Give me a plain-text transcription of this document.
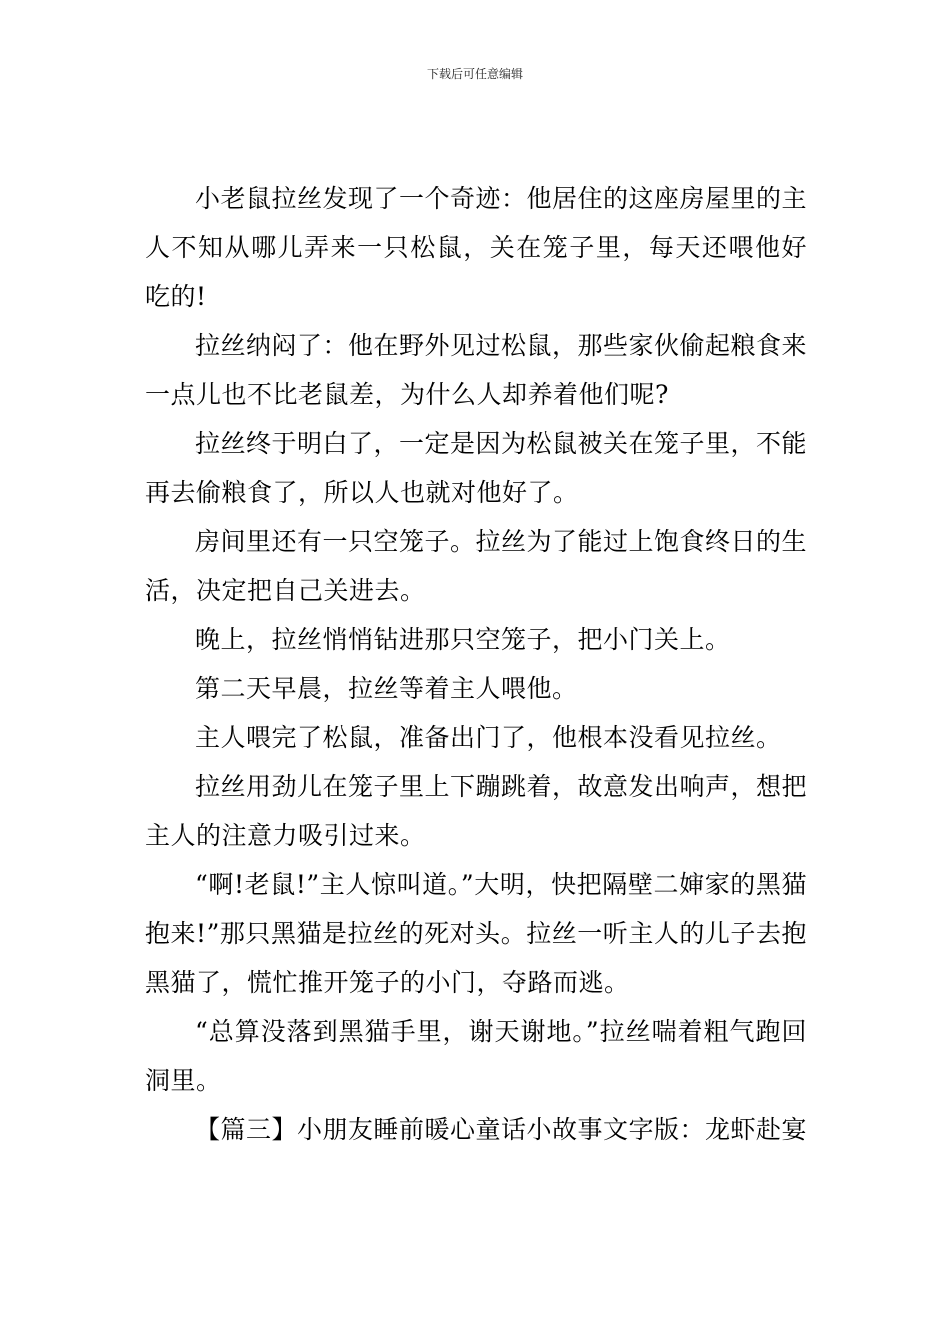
下载后可任意编辑

小老鼠拉丝发现了一个奇迹：他居住的这座房屋里的主人不知从哪儿弄来一只松鼠，关在笼子里，每天还喂他好吃的!

拉丝纳闷了：他在野外见过松鼠，那些家伙偷起粮食来一点儿也不比老鼠差，为什么人却养着他们呢?

拉丝终于明白了，一定是因为松鼠被关在笼子里，不能再去偷粮食了，所以人也就对他好了。

房间里还有一只空笼子。拉丝为了能过上饱食终日的生活，决定把自己关进去。

晚上，拉丝悄悄钻进那只空笼子，把小门关上。

第二天早晨，拉丝等着主人喂他。

主人喂完了松鼠，准备出门了，他根本没看见拉丝。

拉丝用劲儿在笼子里上下蹦跳着，故意发出响声，想把主人的注意力吸引过来。

“啊!老鼠!”主人惊叫道。”大明，快把隔壁二婶家的黑猫抱来!”那只黑猫是拉丝的死对头。拉丝一听主人的儿子去抱黑猫了，慌忙推开笼子的小门，夺路而逃。

“总算没落到黑猫手里，谢天谢地。”拉丝喘着粗气跑回洞里。

【篇三】小朋友睡前暖心童话小故事文字版：龙虾赴宴
